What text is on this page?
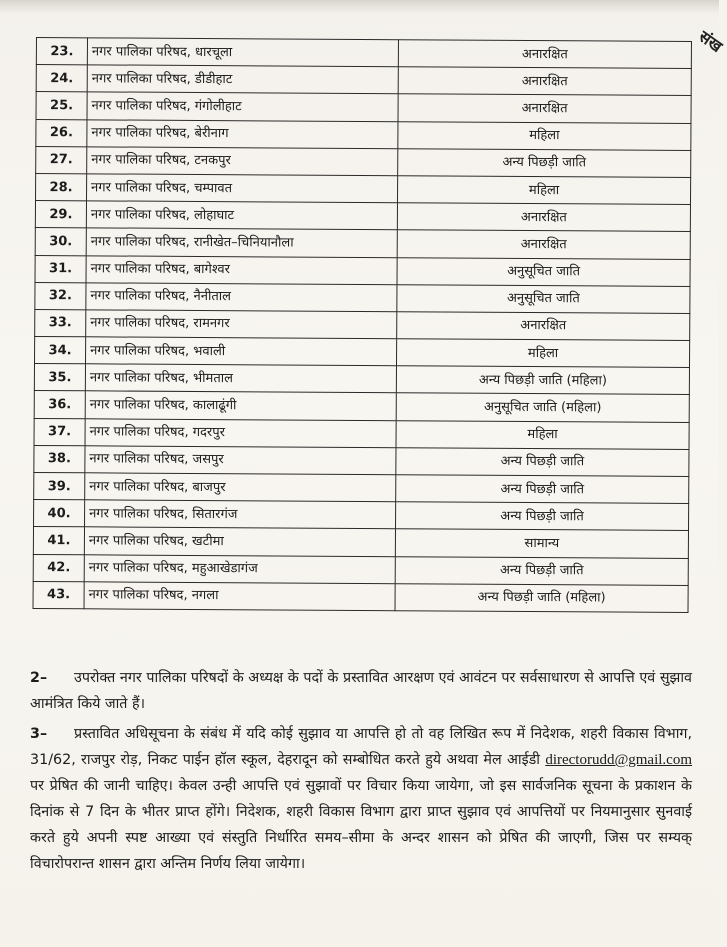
संख
23.	नगर पालिका परिषद, धारचूला	अनारक्षित
24.	नगर पालिका परिषद, डीडीहाट	अनारक्षित
25.	नगर पालिका परिषद, गंगोलीहाट	अनारक्षित
26.	नगर पालिका परिषद, बेरीनाग	महिला
27.	नगर पालिका परिषद, टनकपुर	अन्य पिछड़ी जाति
28.	नगर पालिका परिषद, चम्पावत	महिला
29.	नगर पालिका परिषद, लोहाघाट	अनारक्षित
30.	नगर पालिका परिषद, रानीखेत–चिनियानौला	अनारक्षित
31.	नगर पालिका परिषद, बागेश्वर	अनुसूचित जाति
32.	नगर पालिका परिषद, नैनीताल	अनुसूचित जाति
33.	नगर पालिका परिषद, रामनगर	अनारक्षित
34.	नगर पालिका परिषद, भवाली	महिला
35.	नगर पालिका परिषद, भीमताल	अन्य पिछड़ी जाति (महिला)
36.	नगर पालिका परिषद, कालाढूंगी	अनुसूचित जाति (महिला)
37.	नगर पालिका परिषद, गदरपुर	महिला
38.	नगर पालिका परिषद, जसपुर	अन्य पिछड़ी जाति
39.	नगर पालिका परिषद, बाजपुर	अन्य पिछड़ी जाति
40.	नगर पालिका परिषद, सितारगंज	अन्य पिछड़ी जाति
41.	नगर पालिका परिषद, खटीमा	सामान्य
42.	नगर पालिका परिषद, महुआखेडागंज	अन्य पिछड़ी जाति
43.	नगर पालिका परिषद, नगला	अन्य पिछड़ी जाति (महिला)

2– उपरोक्त नगर पालिका परिषदों के अध्यक्ष के पदों के प्रस्तावित आरक्षण एवं आवंटन पर सर्वसाधारण से आपत्ति एवं सुझाव आमंत्रित किये जाते हैं।

3– प्रस्तावित अधिसूचना के संबंध में यदि कोई सुझाव या आपत्ति हो तो वह लिखित रूप में निदेशक, शहरी विकास विभाग, 31/62, राजपुर रोड़, निकट पाईन हॉल स्कूल, देहरादून को सम्बोधित करते हुये अथवा मेल आईडी directorudd@gmail.com पर प्रेषित की जानी चाहिए। केवल उन्ही आपत्ति एवं सुझावों पर विचार किया जायेगा, जो इस सार्वजनिक सूचना के प्रकाशन के दिनांक से 7 दिन के भीतर प्राप्त होंगे। निदेशक, शहरी विकास विभाग द्वारा प्राप्त सुझाव एवं आपत्तियों पर नियमानुसार सुनवाई करते हुये अपनी स्पष्ट आख्या एवं संस्तुति निर्धारित समय–सीमा के अन्दर शासन को प्रेषित की जाएगी, जिस पर सम्यक् विचारोपरान्त शासन द्वारा अन्तिम निर्णय लिया जायेगा।
